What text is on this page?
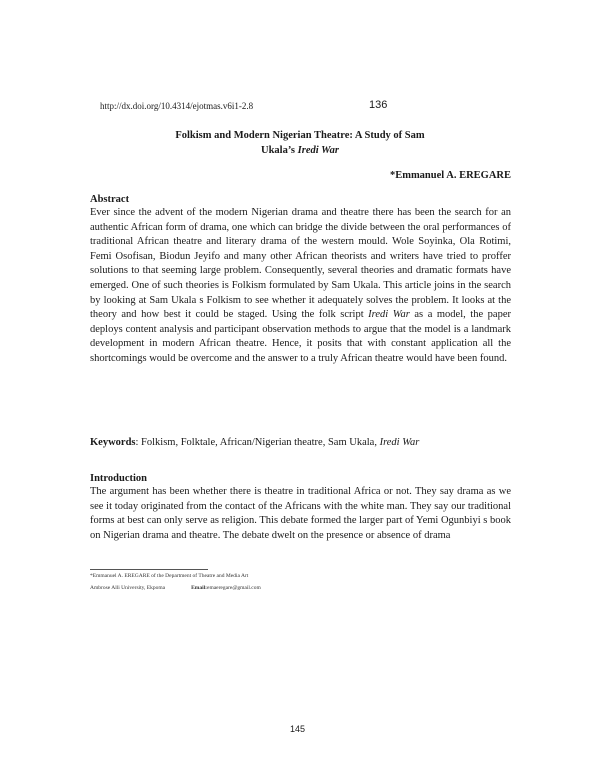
http://dx.doi.org/10.4314/ejotmas.v6i1-2.8	136
Folkism and Modern Nigerian Theatre: A Study of Sam
Ukala’s Iredi War
*Emmanuel A. EREGARE
Abstract
Ever since the advent of the modern Nigerian drama and theatre there has been the search for an authentic African form of drama, one which can bridge the divide between the oral performances of traditional African theatre and literary drama of the western mould. Wole Soyinka, Ola Rotimi, Femi Osofisan, Biodun Jeyifo and many other African theorists and writers have tried to proffer solutions to that seeming large problem. Consequently, several theories and dramatic formats have emerged. One of such theories is Folkism formulated by Sam Ukala. This article joins in the search by looking at Sam Ukala s Folkism to see whether it adequately solves the problem. It looks at the theory and how best it could be staged. Using the folk script Iredi War as a model, the paper deploys content analysis and participant observation methods to argue that the model is a landmark development in modern African theatre. Hence, it posits that with constant application all the shortcomings would be overcome and the answer to a truly African theatre would have been found.
Keywords: Folkism, Folktale, African/Nigerian theatre, Sam Ukala, Iredi War
Introduction
The argument has been whether there is theatre in traditional Africa or not. They say drama as we see it today originated from the contact of the Africans with the white man. They say our traditional forms at best can only serve as religion. This debate formed the larger part of Yemi Ogunbiyi s book on Nigerian drama and theatre. The debate dwelt on the presence or absence of drama
*Emmanuel A. EREGARE of the Department of Theatre and Media Art
Ambrose Alli University, Ekpoma	Email:emaeregare@gmail.com
145
